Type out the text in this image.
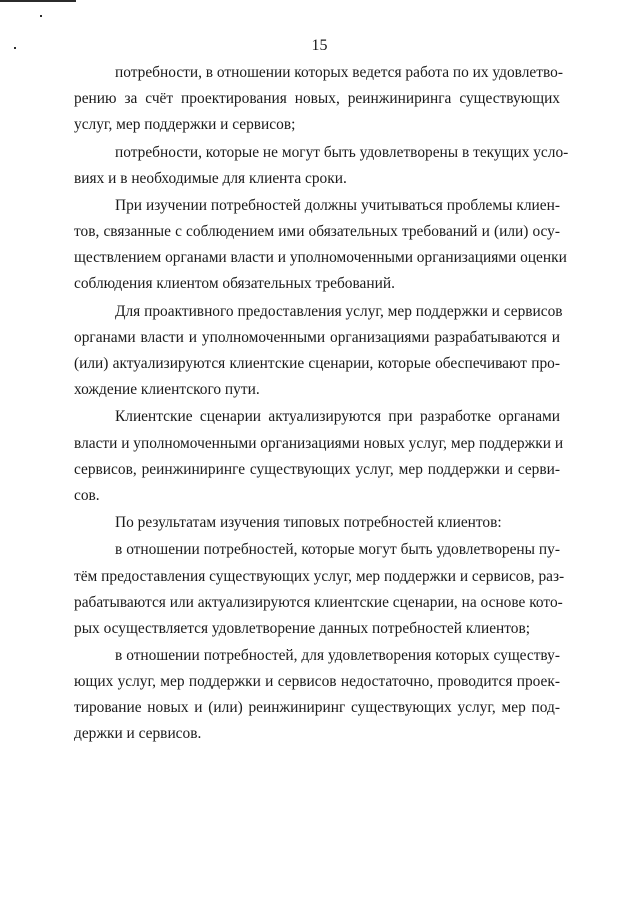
15
потребности, в отношении которых ведется работа по их удовлетво-
рению за счёт проектирования новых, реинжиниринга существующих
услуг, мер поддержки и сервисов;
потребности, которые не могут быть удовлетворены в текущих усло-
виях и в необходимые для клиента сроки.
При изучении потребностей должны учитываться проблемы клиен-
тов, связанные с соблюдением ими обязательных требований и (или) осу-
ществлением органами власти и уполномоченными организациями оценки
соблюдения клиентом обязательных требований.
Для проактивного предоставления услуг, мер поддержки и сервисов
органами власти и уполномоченными организациями разрабатываются и
(или) актуализируются клиентские сценарии, которые обеспечивают про-
хождение клиентского пути.
Клиентские сценарии актуализируются при разработке органами
власти и уполномоченными организациями новых услуг, мер поддержки и
сервисов, реинжиниринге существующих услуг, мер поддержки и серви-
сов.
По результатам изучения типовых потребностей клиентов:
в отношении потребностей, которые могут быть удовлетворены пу-
тём предоставления существующих услуг, мер поддержки и сервисов, раз-
рабатываются или актуализируются клиентские сценарии, на основе кото-
рых осуществляется удовлетворение данных потребностей клиентов;
в отношении потребностей, для удовлетворения которых существу-
ющих услуг, мер поддержки и сервисов недостаточно, проводится проек-
тирование новых и (или) реинжиниринг существующих услуг, мер под-
держки и сервисов.
